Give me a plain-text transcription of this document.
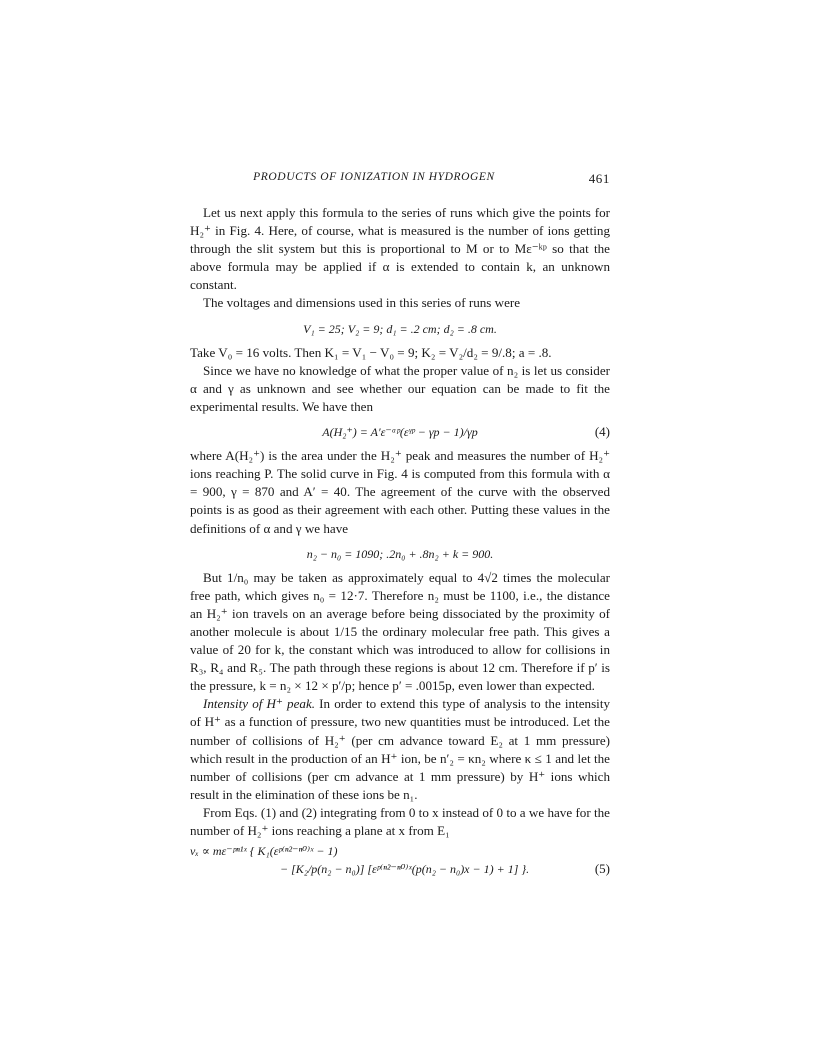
PRODUCTS OF IONIZATION IN HYDROGEN	461

Let us next apply this formula to the series of runs which give the points for H₂⁺ in Fig. 4. Here, of course, what is measured is the number of ions getting through the slit system but this is proportional to M or to Mε⁻ᵏᵖ so that the above formula may be applied if α is extended to contain k, an unknown constant.

The voltages and dimensions used in this series of runs were

V₁ = 25; V₂ = 9; d₁ = .2 cm; d₂ = .8 cm.

Take V₀ = 16 volts. Then K₁ = V₁ − V₀ = 9; K₂ = V₂/d₂ = 9/.8; a = .8.

Since we have no knowledge of what the proper value of n₂ is let us consider α and γ as unknown and see whether our equation can be made to fit the experimental results. We have then

A(H₂⁺) = A′ε⁻ᵅᵖ(εᵞᵖ − γp − 1)/γp	(4)

where A(H₂⁺) is the area under the H₂⁺ peak and measures the number of H₂⁺ ions reaching P. The solid curve in Fig. 4 is computed from this formula with α = 900, γ = 870 and A′ = 40. The agreement of the curve with the observed points is as good as their agreement with each other. Putting these values in the definitions of α and γ we have

n₂ − n₀ = 1090; .2n₀ + .8n₂ + k = 900.

But 1/n₀ may be taken as approximately equal to 4√2 times the molecular free path, which gives n₀ = 12·7. Therefore n₂ must be 1100, i.e., the distance an H₂⁺ ion travels on an average before being dissociated by the proximity of another molecule is about 1/15 the ordinary molecular free path. This gives a value of 20 for k, the constant which was introduced to allow for collisions in R₃, R₄ and R₅. The path through these regions is about 12 cm. Therefore if p′ is the pressure, k = n₂ × 12 × p′/p; hence p′ = .0015p, even lower than expected.

Intensity of H⁺ peak. In order to extend this type of analysis to the intensity of H⁺ as a function of pressure, two new quantities must be introduced. Let the number of collisions of H₂⁺ (per cm advance toward E₂ at 1 mm pressure) which result in the production of an H⁺ ion, be n′₂ = κn₂ where κ ≤ 1 and let the number of collisions (per cm advance at 1 mm pressure) by H⁺ ions which result in the elimination of these ions be n₁.

From Eqs. (1) and (2) integrating from 0 to x instead of 0 to a we have for the number of H₂⁺ ions reaching a plane at x from E₁

νₓ ∝ mε⁻ᵖⁿ¹ˣ { K₁(εᵖ⁽ⁿ²⁻ⁿ⁰⁾ˣ − 1)
− [K₂/p(n₂ − n₀)] [εᵖ⁽ⁿ²⁻ⁿ⁰⁾ˣ(p(n₂ − n₀)x − 1) + 1] }.	(5)
